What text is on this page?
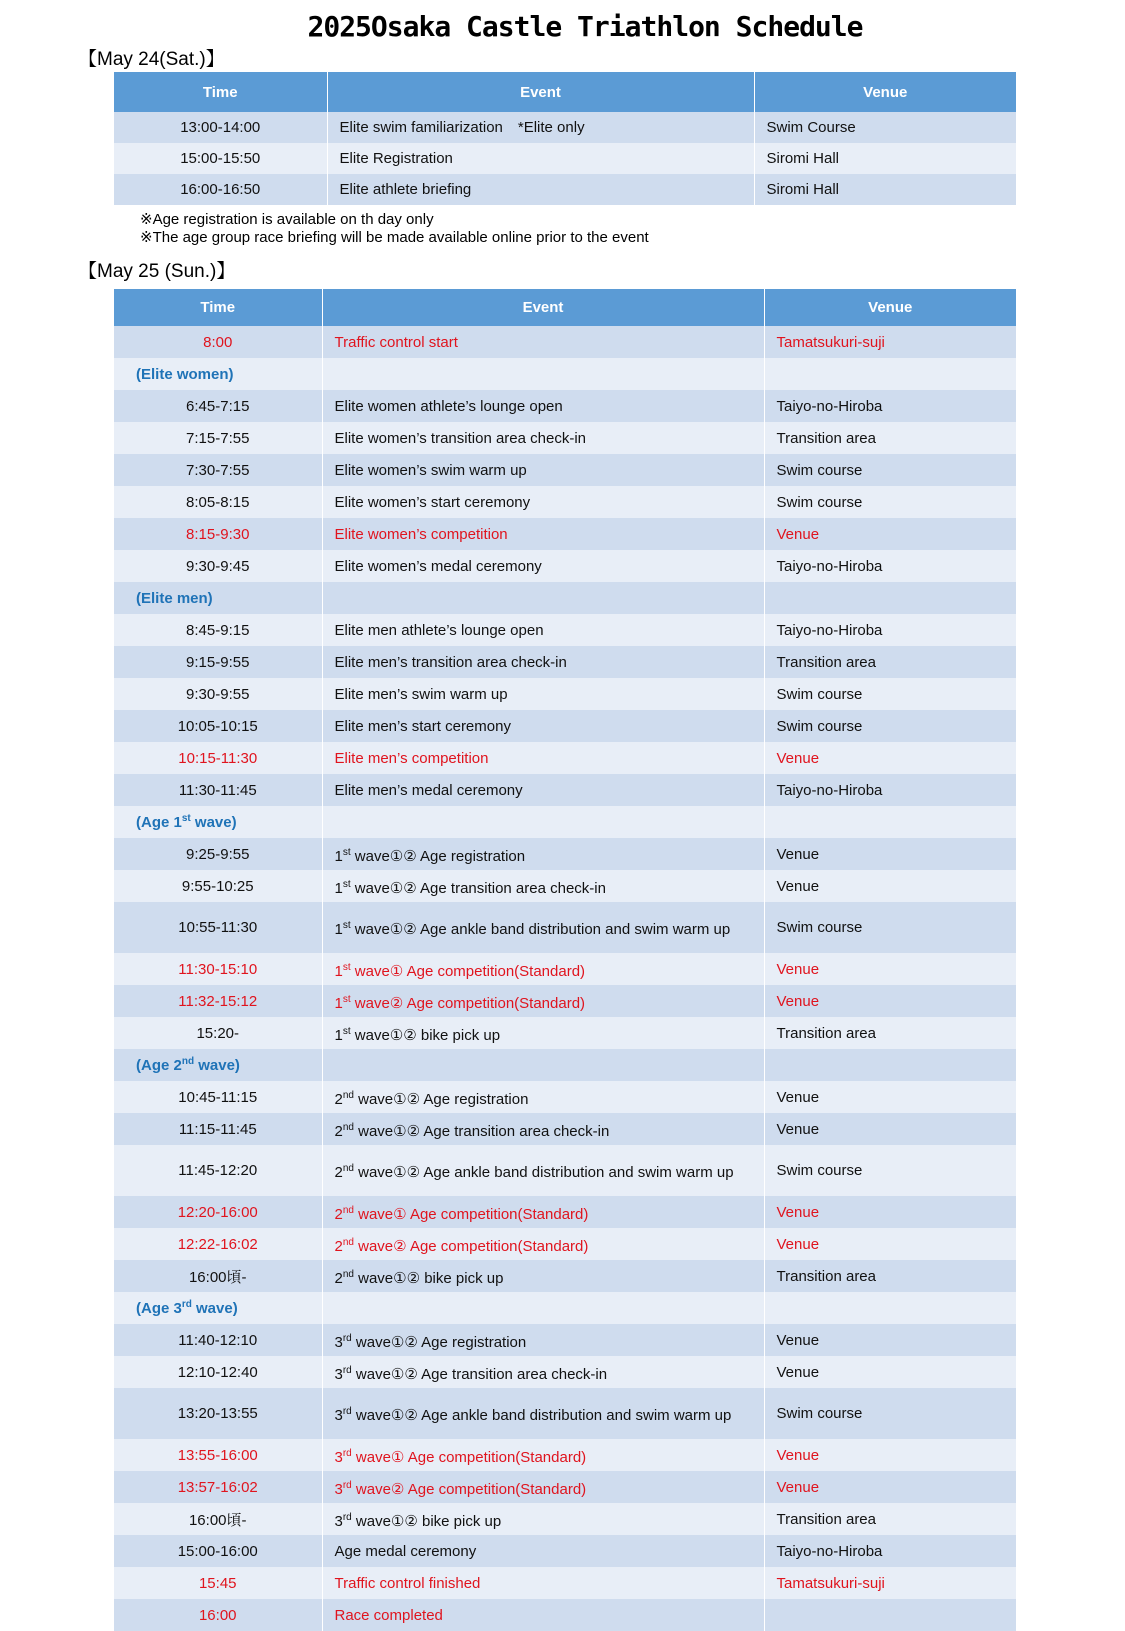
2025Osaka Castle Triathlon Schedule
【May 24(Sat.)】
Time	Event	Venue
13:00-14:00	Elite swim familiarization　*Elite only	Swim Course
15:00-15:50	Elite Registration	Siromi Hall
16:00-16:50	Elite athlete briefing	Siromi Hall
※Age registration is available on th day only
※The age group race briefing will be made available online prior to the event
【May 25 (Sun.)】
Time	Event	Venue
8:00	Traffic control start	Tamatsukuri-suji
(Elite women)		
6:45-7:15	Elite women athlete’s lounge open	Taiyo-no-Hiroba
7:15-7:55	Elite women’s transition area check-in	Transition area
7:30-7:55	Elite women’s swim warm up	Swim course
8:05-8:15	Elite women’s start ceremony	Swim course
8:15-9:30	Elite women’s competition	Venue
9:30-9:45	Elite women’s medal ceremony	Taiyo-no-Hiroba
(Elite men)		
8:45-9:15	Elite men athlete’s lounge open	Taiyo-no-Hiroba
9:15-9:55	Elite men’s transition area check-in	Transition area
9:30-9:55	Elite men’s swim warm up	Swim course
10:05-10:15	Elite men’s start ceremony	Swim course
10:15-11:30	Elite men’s competition	Venue
11:30-11:45	Elite men’s medal ceremony	Taiyo-no-Hiroba
(Age 1st wave)		
9:25-9:55	1st wave①② Age registration	Venue
9:55-10:25	1st wave①② Age transition area check-in	Venue
10:55-11:30	1st wave①② Age ankle band distribution and swim warm up	Swim course
11:30-15:10	1st wave① Age competition(Standard)	Venue
11:32-15:12	1st wave② Age competition(Standard)	Venue
15:20-	1st wave①② bike pick up	Transition area
(Age 2nd wave)		
10:45-11:15	2nd wave①② Age registration	Venue
11:15-11:45	2nd wave①② Age transition area check-in	Venue
11:45-12:20	2nd wave①② Age ankle band distribution and swim warm up	Swim course
12:20-16:00	2nd wave① Age competition(Standard)	Venue
12:22-16:02	2nd wave② Age competition(Standard)	Venue
16:00頃-	2nd wave①② bike pick up	Transition area
(Age 3rd wave)		
11:40-12:10	3rd wave①② Age registration	Venue
12:10-12:40	3rd wave①② Age transition area check-in	Venue
13:20-13:55	3rd wave①② Age ankle band distribution and swim warm up	Swim course
13:55-16:00	3rd wave① Age competition(Standard)	Venue
13:57-16:02	3rd wave② Age competition(Standard)	Venue
16:00頃-	3rd wave①② bike pick up	Transition area
15:00-16:00	Age medal ceremony	Taiyo-no-Hiroba
15:45	Traffic control finished	Tamatsukuri-suji
16:00	Race completed	
